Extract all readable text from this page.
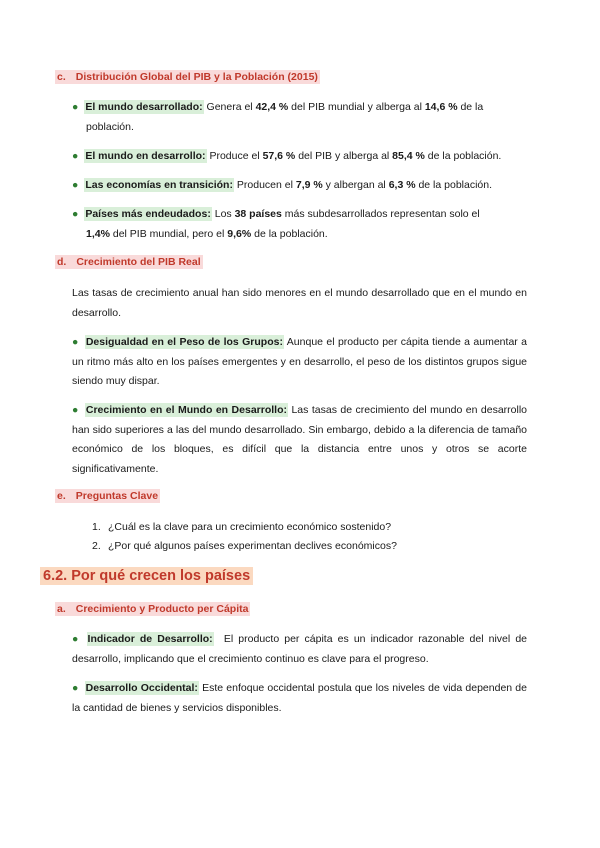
c. Distribución Global del PIB y la Población (2015)
● El mundo desarrollado: Genera el 42,4 % del PIB mundial y alberga al 14,6 % de la
población.
● El mundo en desarrollo: Produce el 57,6 % del PIB y alberga al 85,4 % de la población.
● Las economías en transición: Producen el 7,9 % y albergan al 6,3 % de la población.
● Países más endeudados: Los 38 países más subdesarrollados representan solo el
1,4% del PIB mundial, pero el 9,6% de la población.
d. Crecimiento del PIB Real
Las tasas de crecimiento anual han sido menores en el mundo desarrollado que en el mundo en desarrollo.
● Desigualdad en el Peso de los Grupos: Aunque el producto per cápita tiende a aumentar a un ritmo más alto en los países emergentes y en desarrollo, el peso de los distintos grupos sigue siendo muy dispar.
● Crecimiento en el Mundo en Desarrollo: Las tasas de crecimiento del mundo en desarrollo han sido superiores a las del mundo desarrollado. Sin embargo, debido a la diferencia de tamaño económico de los bloques, es difícil que la distancia entre unos y otros se acorte significativamente.
e. Preguntas Clave
1. ¿Cuál es la clave para un crecimiento económico sostenido?
2. ¿Por qué algunos países experimentan declives económicos?
6.2. Por qué crecen los países
a. Crecimiento y Producto per Cápita
● Indicador de Desarrollo:  El producto per cápita es un indicador razonable del nivel de desarrollo, implicando que el crecimiento continuo es clave para el progreso.
● Desarrollo Occidental: Este enfoque occidental postula que los niveles de vida dependen de la cantidad de bienes y servicios disponibles.
